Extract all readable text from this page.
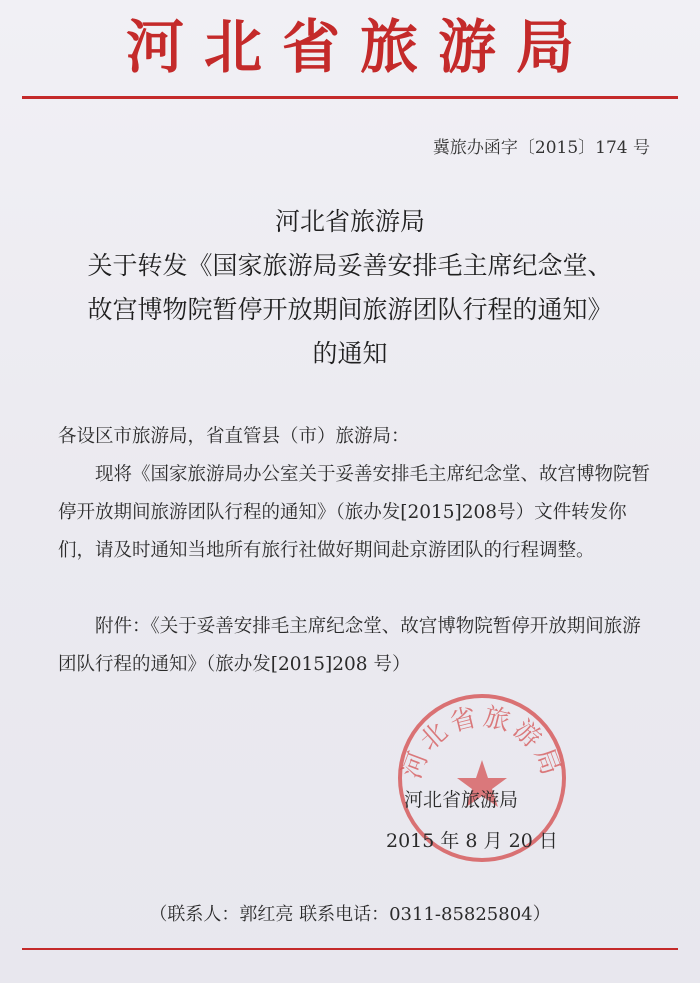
河北省旅游局
冀旅办函字〔2015〕174 号
河北省旅游局
关于转发《国家旅游局妥善安排毛主席纪念堂、
故宫博物院暂停开放期间旅游团队行程的通知》
的通知

各设区市旅游局，省直管县（市）旅游局：

现将《国家旅游局办公室关于妥善安排毛主席纪念堂、故宫博物院暂停开放期间旅游团队行程的通知》（旅办发[2015]208号）文件转发你们，请及时通知当地所有旅行社做好期间赴京游团队的行程调整。

附件：《关于妥善安排毛主席纪念堂、故宫博物院暂停开放期间旅游团队行程的通知》（旅办发[2015]208 号）

河北省旅游局
河北省旅游局
2015 年 8 月 20 日
（联系人：郭红亮 联系电话：0311-85825804）
